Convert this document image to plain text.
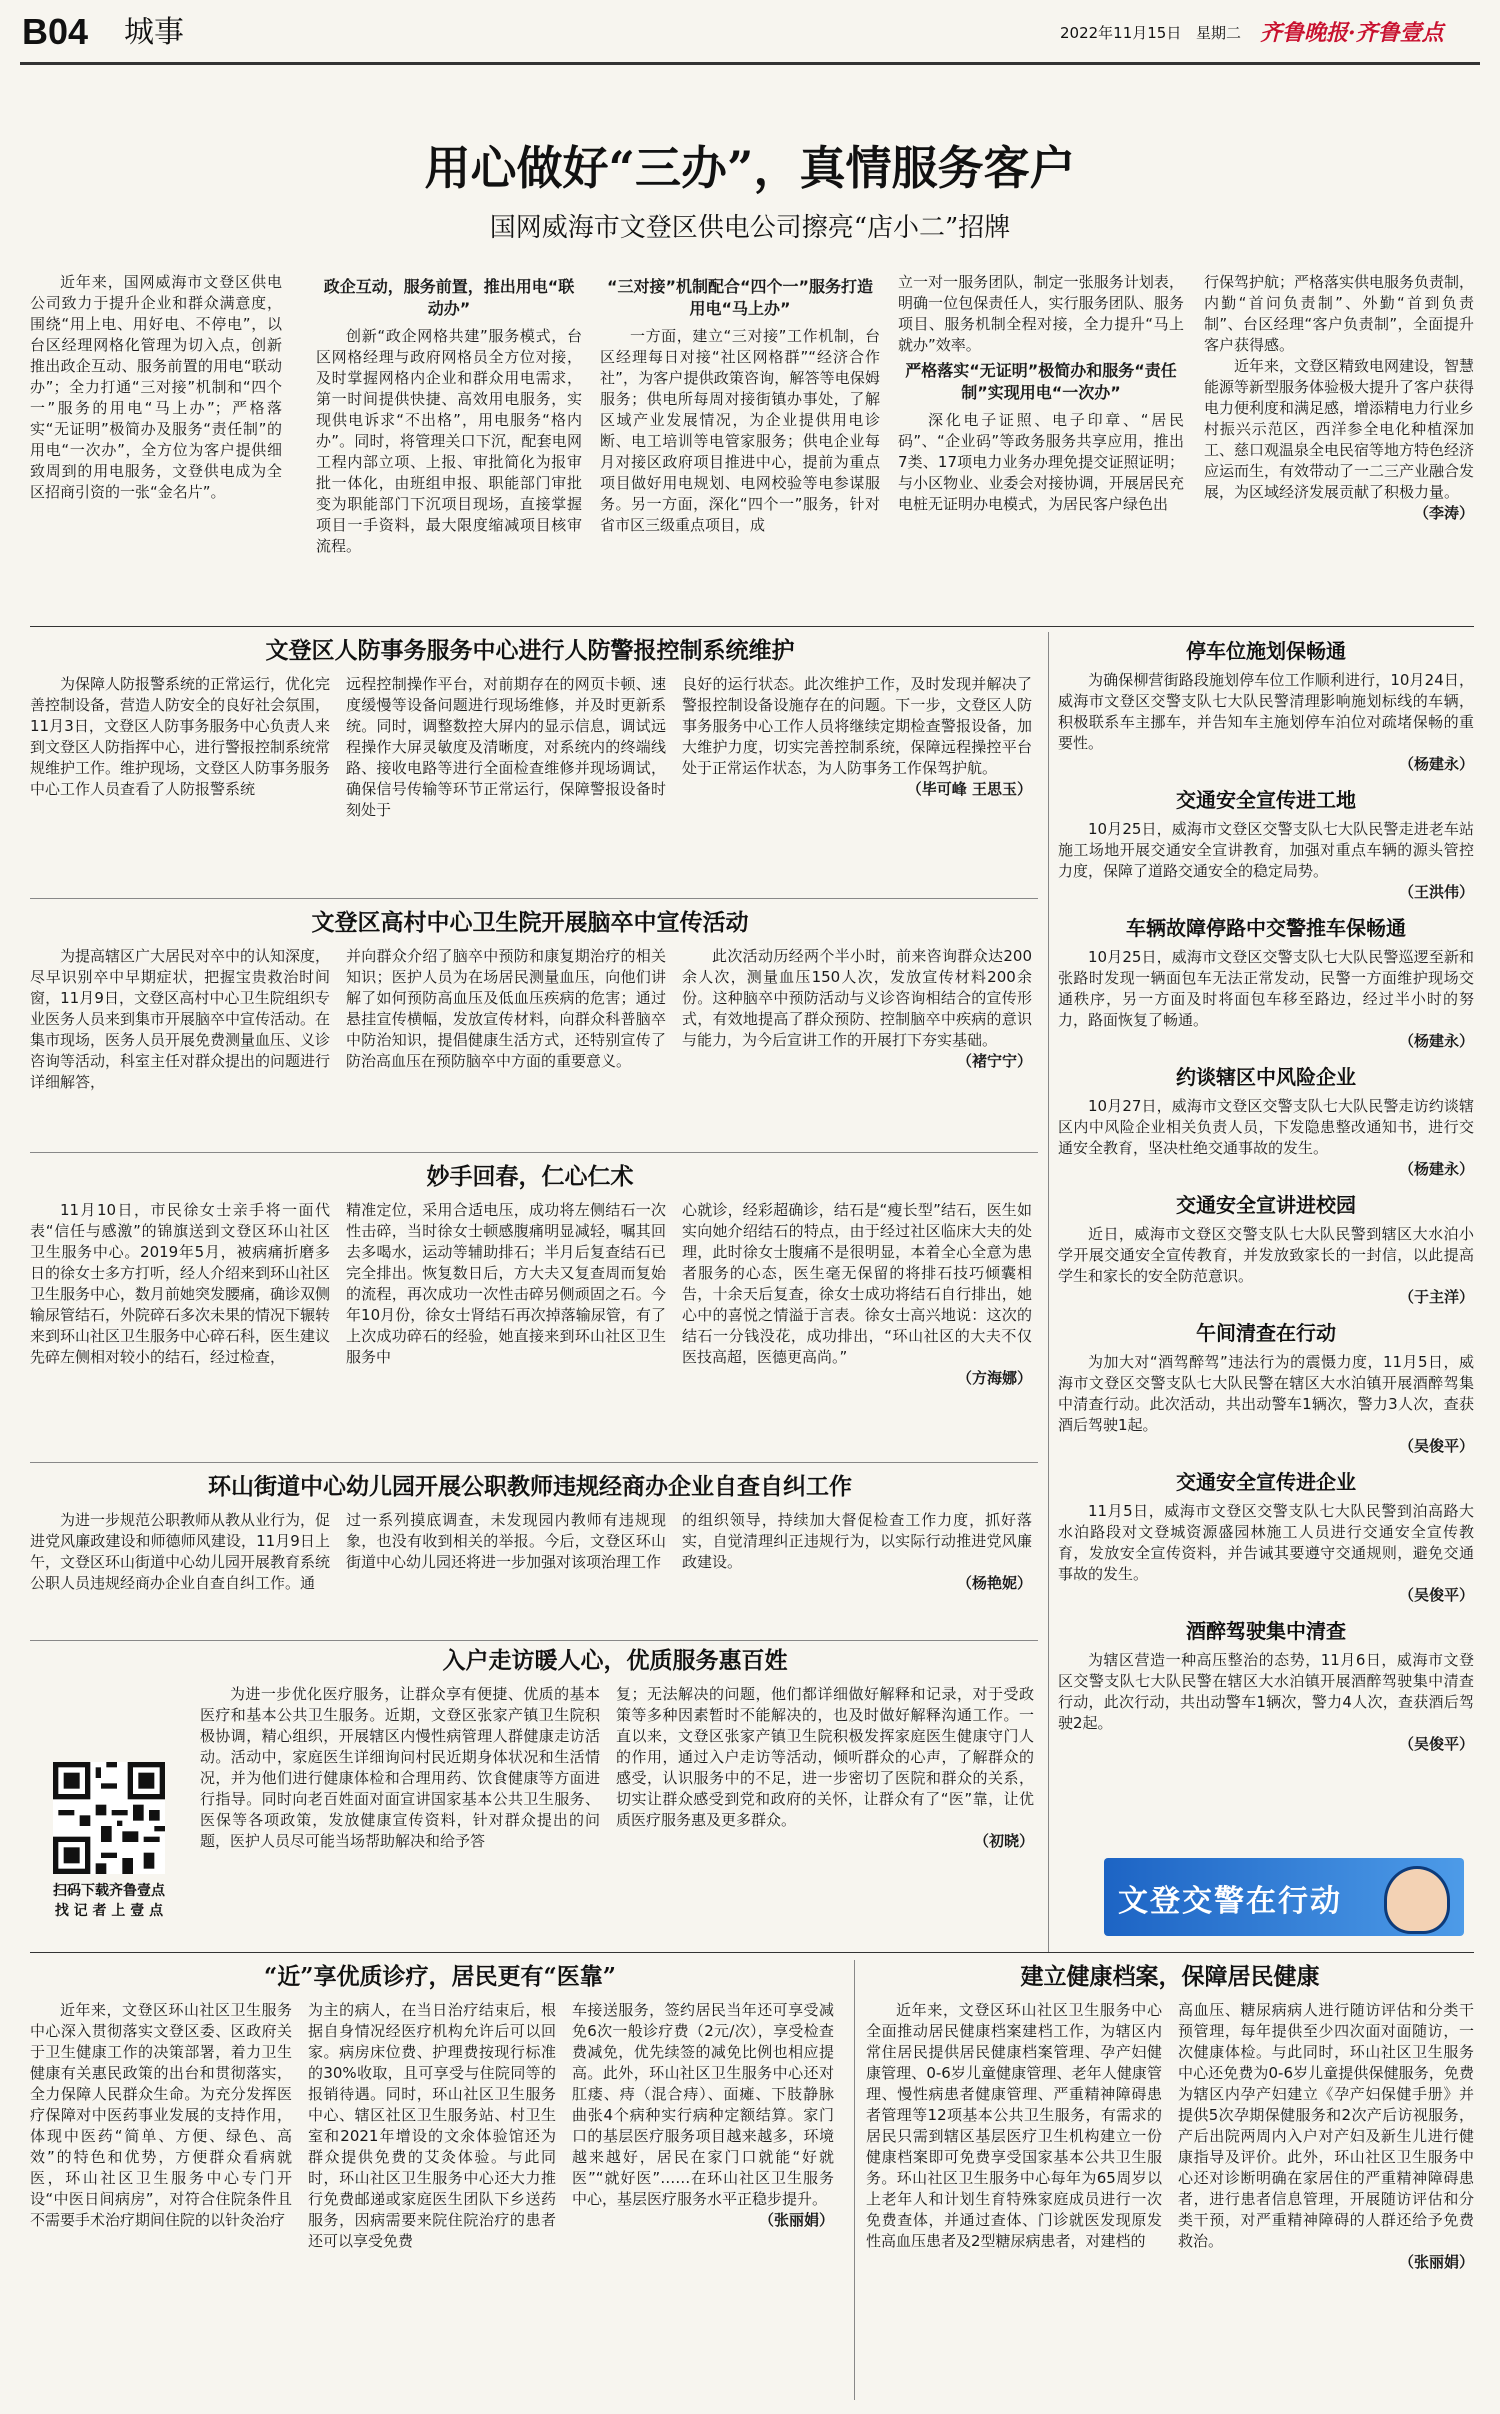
B04 城事	2022年11月15日 星期二 齐鲁晚报·齐鲁壹点
用心做好“三办”，真情服务客户
国网威海市文登区供电公司擦亮“店小二”招牌

近年来，国网威海市文登区供电公司致力于提升企业和群众满意度，围绕“用上电、用好电、不停电”，以台区经理网格化管理为切入点，创新推出政企互动、服务前置的用电“联动办”；全力打通“三对接”机制和“四个一”服务的用电“马上办”；严格落实“无证明”极简办及服务“责任制”的用电“一次办”，全方位为客户提供细致周到的用电服务，文登供电成为全区招商引资的一张“金名片”。

政企互动，服务前置，推出用电“联动办”

创新“政企网格共建”服务模式，台区网格经理与政府网格员全方位对接，及时掌握网格内企业和群众用电需求，第一时间提供快捷、高效用电服务，实现供电诉求“不出格”，用电服务“格内办”。同时，将管理关口下沉，配套电网工程内部立项、上报、审批简化为报审批一体化，由班组申报、职能部门审批变为职能部门下沉项目现场，直接掌握项目一手资料，最大限度缩减项目核审流程。

“三对接”机制配合“四个一”服务打造用电“马上办”

一方面，建立“三对接”工作机制，台区经理每日对接“社区网格群”“经济合作社”，为客户提供政策咨询，解答等电保姆服务；供电所每周对接街镇办事处，了解区域产业发展情况，为企业提供用电诊断、电工培训等电管家服务；供电企业每月对接区政府项目推进中心，提前为重点项目做好用电规划、电网校验等电参谋服务。另一方面，深化“四个一”服务，针对省市区三级重点项目，成

立一对一服务团队，制定一张服务计划表，明确一位包保责任人，实行服务团队、服务项目、服务机制全程对接，全力提升“马上就办”效率。

严格落实“无证明”极简办和服务“责任制”实现用电“一次办”

深化电子证照、电子印章、“居民码”、“企业码”等政务服务共享应用，推出7类、17项电力业务办理免提交证照证明；与小区物业、业委会对接协调，开展居民充电桩无证明办电模式，为居民客户绿色出

行保驾护航；严格落实供电服务负责制，内勤“首问负责制”、外勤“首到负责制”、台区经理“客户负责制”，全面提升客户获得感。

近年来，文登区精致电网建设，智慧能源等新型服务体验极大提升了客户获得电力便利度和满足感，增添精电力行业乡村振兴示范区，西洋参全电化种植深加工、慈口观温泉全电民宿等地方特色经济应运而生，有效带动了一二三产业融合发展，为区域经济发展贡献了积极力量。

（李涛）
文登区人防事务服务中心进行人防警报控制系统维护

为保障人防报警系统的正常运行，优化完善控制设备，营造人防安全的良好社会氛围，11月3日，文登区人防事务服务中心负责人来到文登区人防指挥中心，进行警报控制系统常规维护工作。维护现场，文登区人防事务服务中心工作人员查看了人防报警系统

远程控制操作平台，对前期存在的网页卡顿、速度缓慢等设备问题进行现场维修，并及时更新系统。同时，调整数控大屏内的显示信息，调试远程操作大屏灵敏度及清晰度，对系统内的终端线路、接收电路等进行全面检查维修并现场调试，确保信号传输等环节正常运行，保障警报设备时刻处于

良好的运行状态。此次维护工作，及时发现并解决了警报控制设备设施存在的问题。下一步，文登区人防事务服务中心工作人员将继续定期检查警报设备，加大维护力度，切实完善控制系统，保障远程操控平台处于正常运作状态，为人防事务工作保驾护航。

（毕可峰 王思玉）
文登区高村中心卫生院开展脑卒中宣传活动

为提高辖区广大居民对卒中的认知深度，尽早识别卒中早期症状，把握宝贵救治时间窗，11月9日，文登区高村中心卫生院组织专业医务人员来到集市开展脑卒中宣传活动。在集市现场，医务人员开展免费测量血压、义诊咨询等活动，科室主任对群众提出的问题进行详细解答，

并向群众介绍了脑卒中预防和康复期治疗的相关知识；医护人员为在场居民测量血压，向他们讲解了如何预防高血压及低血压疾病的危害；通过悬挂宣传横幅，发放宣传材料，向群众科普脑卒中防治知识，提倡健康生活方式，还特别宣传了防治高血压在预防脑卒中方面的重要意义。

此次活动历经两个半小时，前来咨询群众达200余人次，测量血压150人次，发放宣传材料200余份。这种脑卒中预防活动与义诊咨询相结合的宣传形式，有效地提高了群众预防、控制脑卒中疾病的意识与能力，为今后宣讲工作的开展打下夯实基础。

（褚宁宁）
妙手回春，仁心仁术

11月10日，市民徐女士亲手将一面代表“信任与感激”的锦旗送到文登区环山社区卫生服务中心。2019年5月，被病痛折磨多日的徐女士多方打听，经人介绍来到环山社区卫生服务中心，数月前她突发腰痛，确诊双侧输尿管结石，外院碎石多次未果的情况下辗转来到环山社区卫生服务中心碎石科，医生建议先碎左侧相对较小的结石，经过检查，

精准定位，采用合适电压，成功将左侧结石一次性击碎，当时徐女士顿感腹痛明显减轻，嘱其回去多喝水，运动等辅助排石；半月后复查结石已完全排出。恢复数日后，方大夫又复查周而复始的流程，再次成功一次性击碎另侧顽固之石。今年10月份，徐女士肾结石再次掉落输尿管，有了上次成功碎石的经验，她直接来到环山社区卫生服务中

心就诊，经彩超确诊，结石是“瘦长型”结石，医生如实向她介绍结石的特点，由于经过社区临床大夫的处理，此时徐女士腹痛不是很明显，本着全心全意为患者服务的心态，医生毫无保留的将排石技巧倾囊相告，十余天后复查，徐女士成功将结石自行排出，她心中的喜悦之情溢于言表。徐女士高兴地说：这次的结石一分钱没花，成功排出，“环山社区的大夫不仅医技高超，医德更高尚。”

（方海娜）
环山街道中心幼儿园开展公职教师违规经商办企业自查自纠工作

为进一步规范公职教师从教从业行为，促进党风廉政建设和师德师风建设，11月9日上午，文登区环山街道中心幼儿园开展教育系统公职人员违规经商办企业自查自纠工作。通

过一系列摸底调查，未发现园内教师有违规现象，也没有收到相关的举报。今后，文登区环山街道中心幼儿园还将进一步加强对该项治理工作

的组织领导，持续加大督促检查工作力度，抓好落实，自觉清理纠正违规行为，以实际行动推进党风廉政建设。

（杨艳妮）
扫码下载齐鲁壹点
找 记 者 上 壹 点
入户走访暖人心，优质服务惠百姓

为进一步优化医疗服务，让群众享有便捷、优质的基本医疗和基本公共卫生服务。近期，文登区张家产镇卫生院积极协调，精心组织，开展辖区内慢性病管理人群健康走访活动。活动中，家庭医生详细询问村民近期身体状况和生活情况，并为他们进行健康体检和合理用药、饮食健康等方面进行指导。同时向老百姓面对面宣讲国家基本公共卫生服务、医保等各项政策，发放健康宣传资料，针对群众提出的问题，医护人员尽可能当场帮助解决和给予答

复；无法解决的问题，他们都详细做好解释和记录，对于受政策等多种因素暂时不能解决的，也及时做好解释沟通工作。一直以来，文登区张家产镇卫生院积极发挥家庭医生健康守门人的作用，通过入户走访等活动，倾听群众的心声，了解群众的感受，认识服务中的不足，进一步密切了医院和群众的关系，切实让群众感受到党和政府的关怀，让群众有了“医”靠，让优质医疗服务惠及更多群众。

（初晓）
停车位施划保畅通

为确保柳营街路段施划停车位工作顺利进行，10月24日，威海市文登区交警支队七大队民警清理影响施划标线的车辆，积极联系车主挪车，并告知车主施划停车泊位对疏堵保畅的重要性。

（杨建永）
交通安全宣传进工地

10月25日，威海市文登区交警支队七大队民警走进老车站施工场地开展交通安全宣讲教育，加强对重点车辆的源头管控力度，保障了道路交通安全的稳定局势。

（王洪伟）
车辆故障停路中交警推车保畅通

10月25日，威海市文登区交警支队七大队民警巡逻至新和张路时发现一辆面包车无法正常发动，民警一方面维护现场交通秩序，另一方面及时将面包车移至路边，经过半小时的努力，路面恢复了畅通。

（杨建永）
约谈辖区中风险企业

10月27日，威海市文登区交警支队七大队民警走访约谈辖区内中风险企业相关负责人员，下发隐患整改通知书，进行交通安全教育，坚决杜绝交通事故的发生。

（杨建永）
交通安全宣讲进校园

近日，威海市文登区交警支队七大队民警到辖区大水泊小学开展交通安全宣传教育，并发放致家长的一封信，以此提高学生和家长的安全防范意识。

（于主洋）
午间清查在行动

为加大对“酒驾醉驾”违法行为的震慑力度，11月5日，威海市文登区交警支队七大队民警在辖区大水泊镇开展酒醉驾集中清查行动。此次活动，共出动警车1辆次，警力3人次，查获酒后驾驶1起。

（吴俊平）
交通安全宣传进企业

11月5日，威海市文登区交警支队七大队民警到泊高路大水泊路段对文登城资源盛园林施工人员进行交通安全宣传教育，发放安全宣传资料，并告诫其要遵守交通规则，避免交通事故的发生。

（吴俊平）
酒醉驾驶集中清查

为辖区营造一种高压整治的态势，11月6日，威海市文登区交警支队七大队民警在辖区大水泊镇开展酒醉驾驶集中清查行动，此次行动，共出动警车1辆次，警力4人次，查获酒后驾驶2起。

（吴俊平）
文登交警在行动
“近”享优质诊疗，居民更有“医靠”

近年来，文登区环山社区卫生服务中心深入贯彻落实文登区委、区政府关于卫生健康工作的决策部署，着力卫生健康有关惠民政策的出台和贯彻落实，全力保障人民群众生命。为充分发挥医疗保障对中医药事业发展的支持作用，体现中医药“简单、方便、绿色、高效”的特色和优势，方便群众看病就医，环山社区卫生服务中心专门开设“中医日间病房”，对符合住院条件且不需要手术治疗期间住院的以针灸治疗

为主的病人，在当日治疗结束后，根据自身情况经医疗机构允许后可以回家。病房床位费、护理费按现行标准的30%收取，且可享受与住院同等的报销待遇。同时，环山社区卫生服务中心、辖区社区卫生服务站、村卫生室和2021年增设的文氽体验馆还为群众提供免费的艾灸体验。与此同时，环山社区卫生服务中心还大力推行免费邮递或家庭医生团队下乡送药服务，因病需要来院住院治疗的患者还可以享受免费

车接送服务，签约居民当年还可享受减免6次一般诊疗费（2元/次），享受检查费减免，优先续签的减免比例也相应提高。此外，环山社区卫生服务中心还对肛瘘、痔（混合痔）、面瘫、下肢静脉曲张4个病种实行病种定额结算。家门口的基层医疗服务项目越来越多，环境越来越好，居民在家门口就能“好就医”“就好医”……在环山社区卫生服务中心，基层医疗服务水平正稳步提升。

（张丽娟）
建立健康档案，保障居民健康

近年来，文登区环山社区卫生服务中心全面推动居民健康档案建档工作，为辖区内常住居民提供居民健康档案管理、孕产妇健康管理、0-6岁儿童健康管理、老年人健康管理、慢性病患者健康管理、严重精神障碍患者管理等12项基本公共卫生服务，有需求的居民只需到辖区基层医疗卫生机构建立一份健康档案即可免费享受国家基本公共卫生服务。环山社区卫生服务中心每年为65周岁以上老年人和计划生育特殊家庭成员进行一次免费查体，并通过查体、门诊就医发现原发性高血压患者及2型糖尿病患者，对建档的

高血压、糖尿病病人进行随访评估和分类干预管理，每年提供至少四次面对面随访，一次健康体检。与此同时，环山社区卫生服务中心还免费为0-6岁儿童提供保健服务，免费为辖区内孕产妇建立《孕产妇保健手册》并提供5次孕期保健服务和2次产后访视服务，产后出院两周内入户对产妇及新生儿进行健康指导及评价。此外，环山社区卫生服务中心还对诊断明确在家居住的严重精神障碍患者，进行患者信息管理，开展随访评估和分类干预，对严重精神障碍的人群还给予免费救治。

（张丽娟）
